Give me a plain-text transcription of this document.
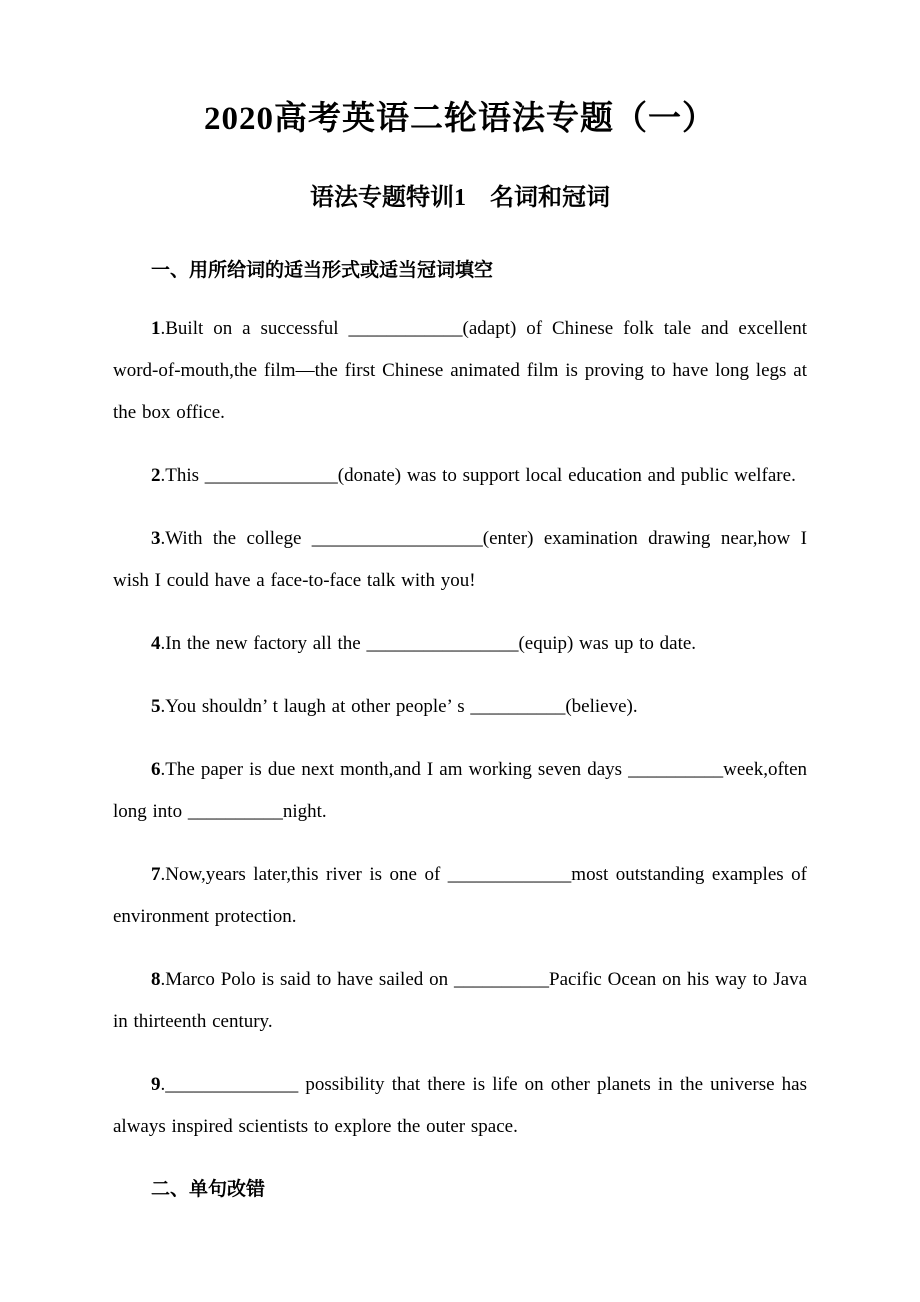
2020高考英语二轮语法专题（一）
语法专题特训1　名词和冠词

一、用所给词的适当形式或适当冠词填空

1.Built on a successful ____________(adapt) of Chinese folk tale and excellent word-of-mouth,the film—the first Chinese animated film is proving to have long legs at the box office.

2.This ______________(donate) was to support local education and public welfare.

3.With the college __________________(enter) examination drawing near,how I wish I could have a face-to-face talk with you!

4.In the new factory all the ________________(equip) was up to date.

5.You shouldn’ t laugh at other people’ s __________(believe).

6.The paper is due next month,and I am working seven days __________week,often long into __________night.

7.Now,years later,this river is one of _____________most outstanding examples of environment protection.

8.Marco Polo is said to have sailed on __________Pacific Ocean on his way to Java in thirteenth century.

9.______________ possibility that there is life on other planets in the universe has always inspired scientists to explore the outer space.

二、单句改错
